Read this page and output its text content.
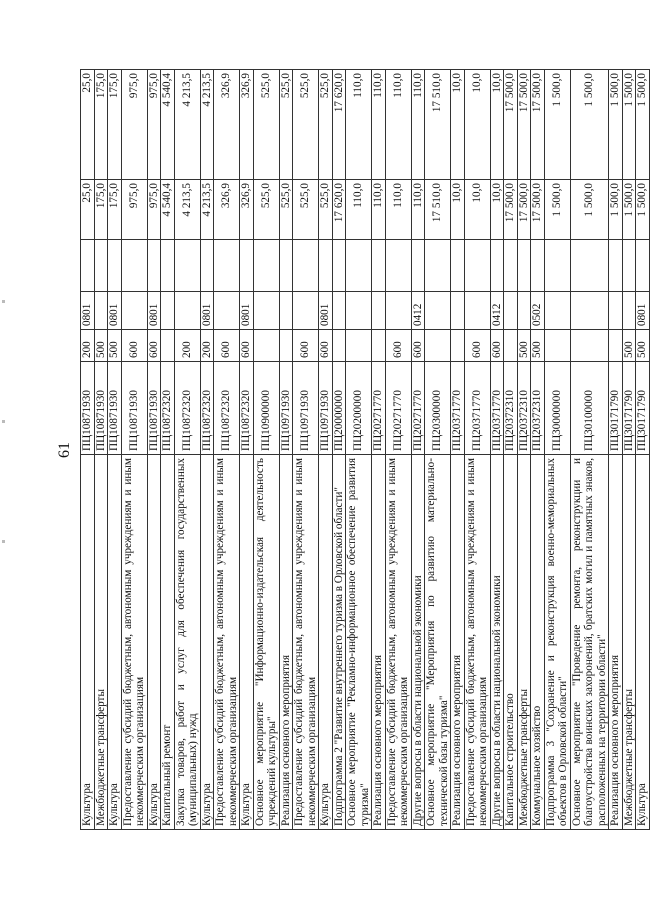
61
Культура	ПЦ10871930	200	0801		25,0	25,0
Межбюджетные трансферты	ПЦ10871930	500			175,0	175,0
Культура	ПЦ10871930	500	0801		175,0	175,0
Предоставление субсидий бюджетным, автономным учреждениям и иным некоммерческим организациям	ПЦ10871930	600			975,0	975,0
Культура	ПЦ10871930	600	0801		975,0	975,0
Капитальный ремонт	ПЦ10872320				4 540,4	4 540,4
Закупка товаров, работ и услуг для обеспечения государственных (муниципальных) нужд	ПЦ10872320	200			4 213,5	4 213,5
Культура	ПЦ10872320	200	0801		4 213,5	4 213,5
Предоставление субсидий бюджетным, автономным учреждениям и иным некоммерческим организациям	ПЦ10872320	600			326,9	326,9
Культура	ПЦ10872320	600	0801		326,9	326,9
Основное мероприятие "Информационно-издательская деятельность учреждений культуры"	ПЦ10900000				525,0	525,0
Реализация основного мероприятия	ПЦ10971930				525,0	525,0
Предоставление субсидий бюджетным, автономным учреждениям и иным некоммерческим организациям	ПЦ10971930	600			525,0	525,0
Культура	ПЦ10971930	600	0801		525,0	525,0
Подпрограмма 2 "Развитие внутреннего туризма в Орловской области"	ПЦ20000000				17 620,0	17 620,0
Основное мероприятие "Рекламно-информационное обеспечение развития туризма"	ПЦ20200000				110,0	110,0
Реализация основного мероприятия	ПЦ20271770				110,0	110,0
Предоставление субсидий бюджетным, автономным учреждениям и иным некоммерческим организациям	ПЦ20271770	600			110,0	110,0
Другие вопросы в области национальной экономики	ПЦ20271770	600	0412		110,0	110,0
Основное мероприятие "Мероприятия по развитию материально-технической базы туризма"	ПЦ20300000				17 510,0	17 510,0
Реализация основного мероприятия	ПЦ20371770				10,0	10,0
Предоставление субсидий бюджетным, автономным учреждениям и иным некоммерческим организациям	ПЦ20371770	600			10,0	10,0
Другие вопросы в области национальной экономики	ПЦ20371770	600	0412		10,0	10,0
Капитальное строительство	ПЦ20372310				17 500,0	17 500,0
Межбюджетные трансферты	ПЦ20372310	500			17 500,0	17 500,0
Коммунальное хозяйство	ПЦ20372310	500	0502		17 500,0	17 500,0
Подпрограмма 3 "Сохранение и реконструкция военно-мемориальных объектов в Орловской области"	ПЦ30000000				1 500,0	1 500,0
Основное мероприятие "Проведение ремонта, реконструкции и благоустройства воинских захоронений, братских могил и памятных знаков, расположенных на территории области"	ПЦ30100000				1 500,0	1 500,0
Реализация основного мероприятия	ПЦ30171790				1 500,0	1 500,0
Межбюджетные трансферты	ПЦ30171790	500			1 500,0	1 500,0
Культура	ПЦ30171790	500	0801		1 500,0	1 500,0
